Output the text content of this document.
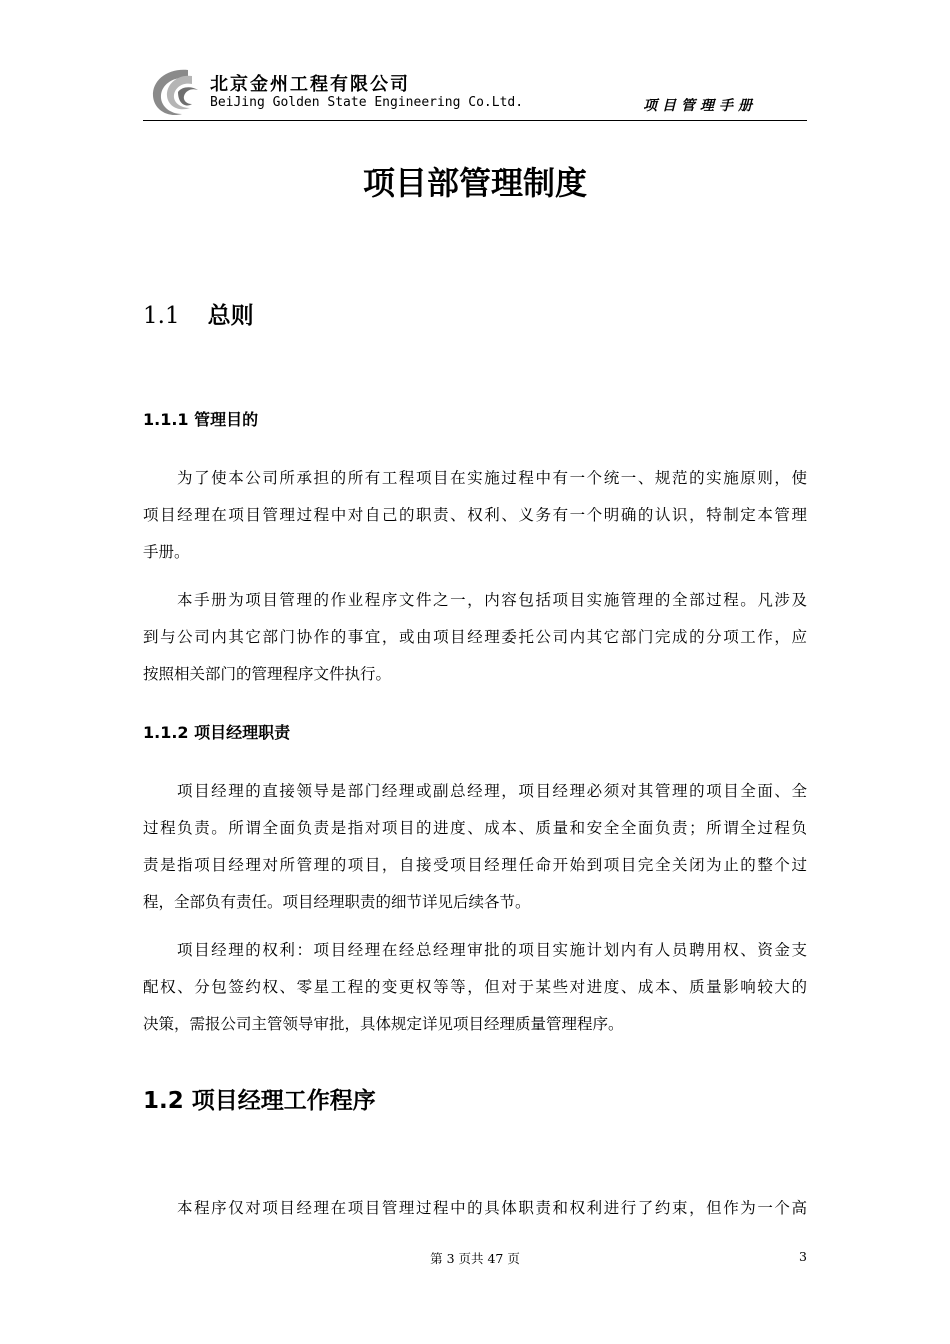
北京金州工程有限公司
BeiJing Golden State Engineering Co.Ltd.	项目管理手册
项目部管理制度
1.1 总则
1.1.1 管理目的
为了使本公司所承担的所有工程项目在实施过程中有一个统一、规范的实施原则，使
项目经理在项目管理过程中对自己的职责、权利、义务有一个明确的认识，特制定本管理
手册。
本手册为项目管理的作业程序文件之一，内容包括项目实施管理的全部过程。凡涉及
到与公司内其它部门协作的事宜，或由项目经理委托公司内其它部门完成的分项工作，应
按照相关部门的管理程序文件执行。
1.1.2 项目经理职责
项目经理的直接领导是部门经理或副总经理，项目经理必须对其管理的项目全面、全
过程负责。所谓全面负责是指对项目的进度、成本、质量和安全全面负责；所谓全过程负
责是指项目经理对所管理的项目，自接受项目经理任命开始到项目完全关闭为止的整个过
程，全部负有责任。项目经理职责的细节详见后续各节。
项目经理的权利：项目经理在经总经理审批的项目实施计划内有人员聘用权、资金支
配权、分包签约权、零星工程的变更权等等，但对于某些对进度、成本、质量影响较大的
决策，需报公司主管领导审批，具体规定详见项目经理质量管理程序。
1.2 项目经理工作程序
本程序仅对项目经理在项目管理过程中的具体职责和权利进行了约束，但作为一个高
第 3 页共 47 页	3
